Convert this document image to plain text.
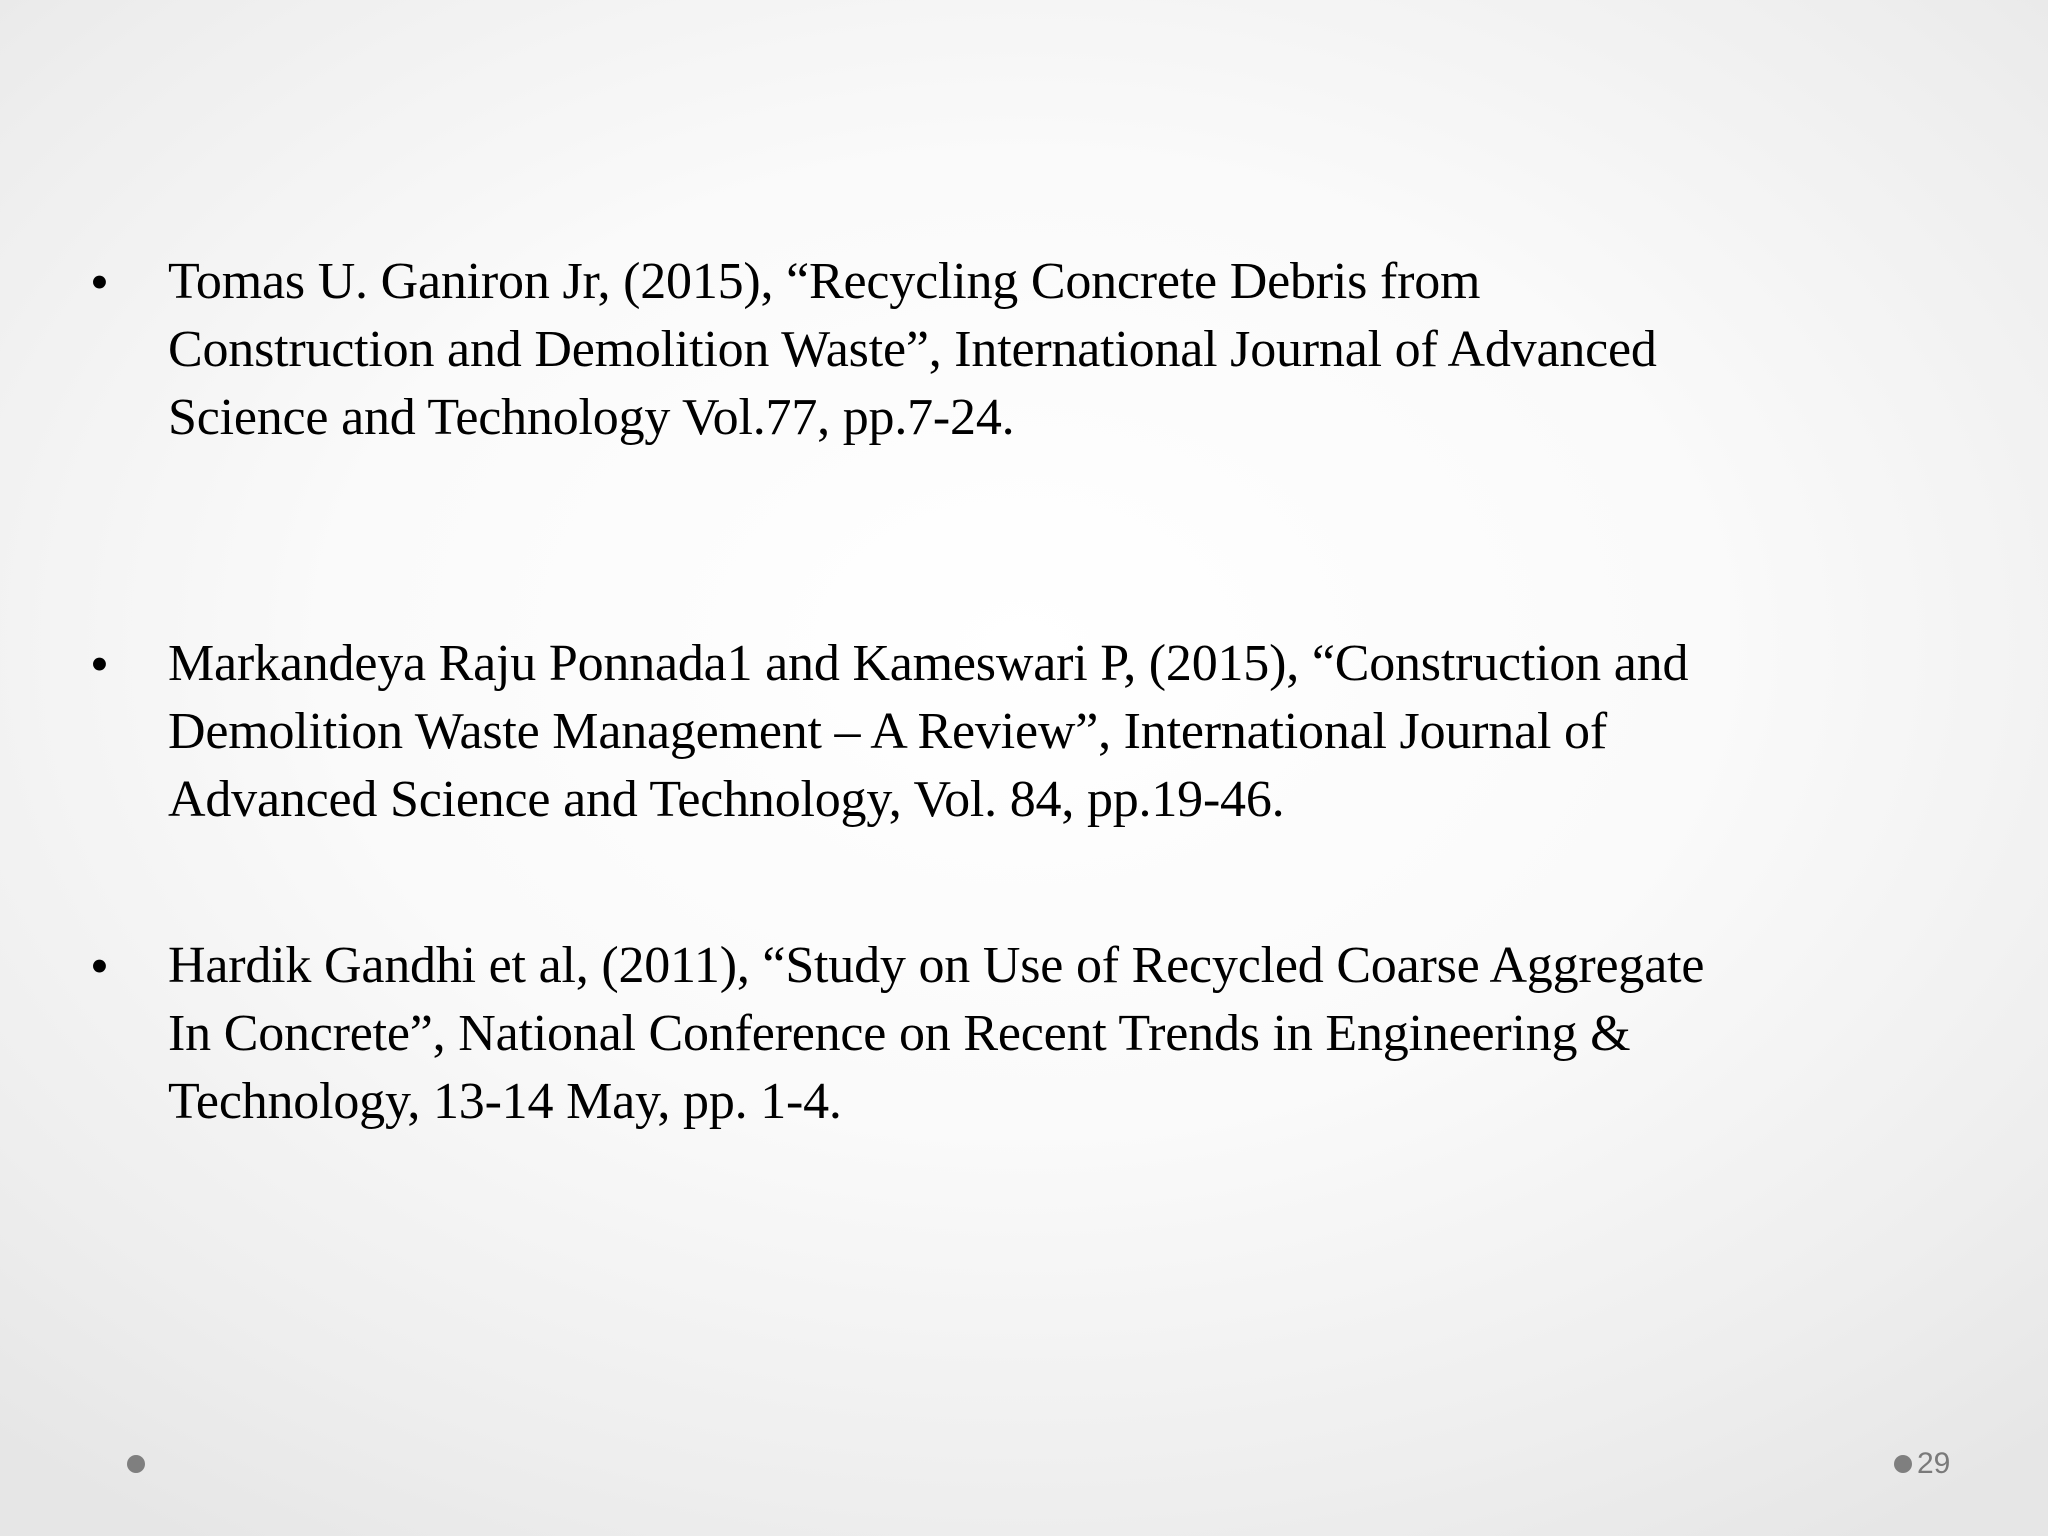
•	Tomas U. Ganiron Jr, (2015), “Recycling Concrete Debris from
Construction and Demolition Waste”, International Journal of Advanced
Science and Technology Vol.77, pp.7-24.
•	Markandeya Raju Ponnada1 and Kameswari P, (2015), “Construction and
Demolition Waste Management – A Review”, International Journal of
Advanced Science and Technology, Vol. 84, pp.19-46.
•	Hardik Gandhi et al, (2011), “Study on Use of Recycled Coarse Aggregate
In Concrete”, National Conference on Recent Trends in Engineering &
Technology, 13-14 May, pp. 1-4.
29
